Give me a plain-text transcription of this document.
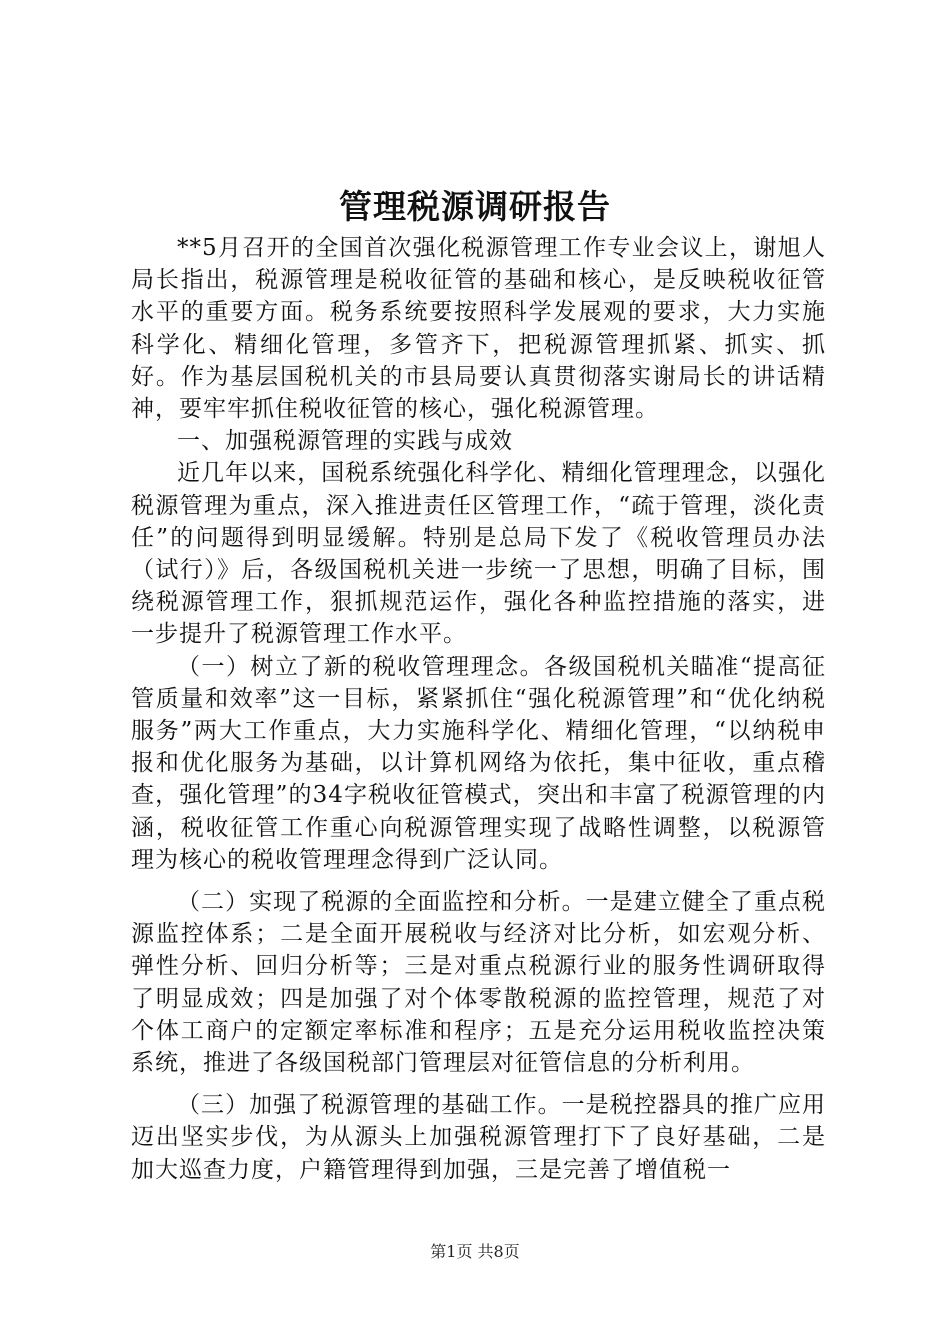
管理税源调研报告

**5月召开的全国首次强化税源管理工作专业会议上，谢旭人局长指出，税源管理是税收征管的基础和核心，是反映税收征管水平的重要方面。税务系统要按照科学发展观的要求，大力实施科学化、精细化管理，多管齐下，把税源管理抓紧、抓实、抓好。作为基层国税机关的市县局要认真贯彻落实谢局长的讲话精神，要牢牢抓住税收征管的核心，强化税源管理。

一、加强税源管理的实践与成效

近几年以来，国税系统强化科学化、精细化管理理念，以强化税源管理为重点，深入推进责任区管理工作，“疏于管理，淡化责任”的问题得到明显缓解。特别是总局下发了《税收管理员办法（试行）》后，各级国税机关进一步统一了思想，明确了目标，围绕税源管理工作，狠抓规范运作，强化各种监控措施的落实，进一步提升了税源管理工作水平。

（一）树立了新的税收管理理念。各级国税机关瞄准“提高征管质量和效率”这一目标，紧紧抓住“强化税源管理”和“优化纳税服务”两大工作重点，大力实施科学化、精细化管理，“以纳税申报和优化服务为基础，以计算机网络为依托，集中征收，重点稽查，强化管理”的34字税收征管模式，突出和丰富了税源管理的内涵，税收征管工作重心向税源管理实现了战略性调整，以税源管理为核心的税收管理理念得到广泛认同。

（二）实现了税源的全面监控和分析。一是建立健全了重点税源监控体系；二是全面开展税收与经济对比分析，如宏观分析、弹性分析、回归分析等；三是对重点税源行业的服务性调研取得了明显成效；四是加强了对个体零散税源的监控管理，规范了对个体工商户的定额定率标准和程序；五是充分运用税收监控决策系统，推进了各级国税部门管理层对征管信息的分析利用。

（三）加强了税源管理的基础工作。一是税控器具的推广应用迈出坚实步伐，为从源头上加强税源管理打下了良好基础，二是加大巡查力度，户籍管理得到加强，三是完善了增值税一

第1页 共8页
